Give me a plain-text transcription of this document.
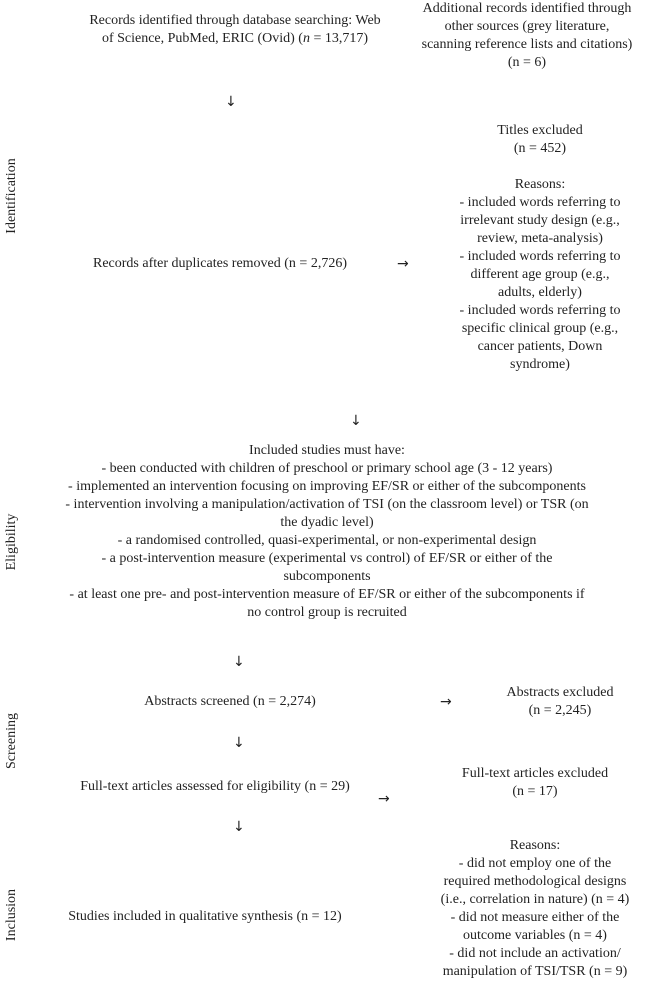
Identification
Eligibility
Screening
Inclusion
Records identified through database searching: Web
of Science, PubMed, ERIC (Ovid) (n = 13,717)
Additional records identified through
other sources (grey literature,
scanning reference lists and citations)
(n = 6)
↓
Titles excluded
(n = 452)
Reasons:
- included words referring to
irrelevant study design (e.g.,
review, meta-analysis)
- included words referring to
different age group (e.g.,
adults, elderly)
- included words referring to
specific clinical group (e.g.,
cancer patients, Down
syndrome)
Records after duplicates removed (n = 2,726)	→
↓
Included studies must have:
- been conducted with children of preschool or primary school age (3 - 12 years)
- implemented an intervention focusing on improving EF/SR or either of the subcomponents
- intervention involving a manipulation/activation of TSI (on the classroom level) or TSR (on
the dyadic level)
- a randomised controlled, quasi-experimental, or non-experimental design
- a post-intervention measure (experimental vs control) of EF/SR or either of the
subcomponents
- at least one pre- and post-intervention measure of EF/SR or either of the subcomponents if
no control group is recruited
↓
Abstracts screened (n = 2,274)	→
Abstracts excluded
(n = 2,245)
↓
Full-text articles assessed for eligibility (n = 29)
→
Full-text articles excluded
(n = 17)
↓
Reasons:
- did not employ one of the
required methodological designs
(i.e., correlation in nature) (n = 4)
- did not measure either of the
outcome variables (n = 4)
- did not include an activation/
manipulation of TSI/TSR (n = 9)
Studies included in qualitative synthesis (n = 12)
